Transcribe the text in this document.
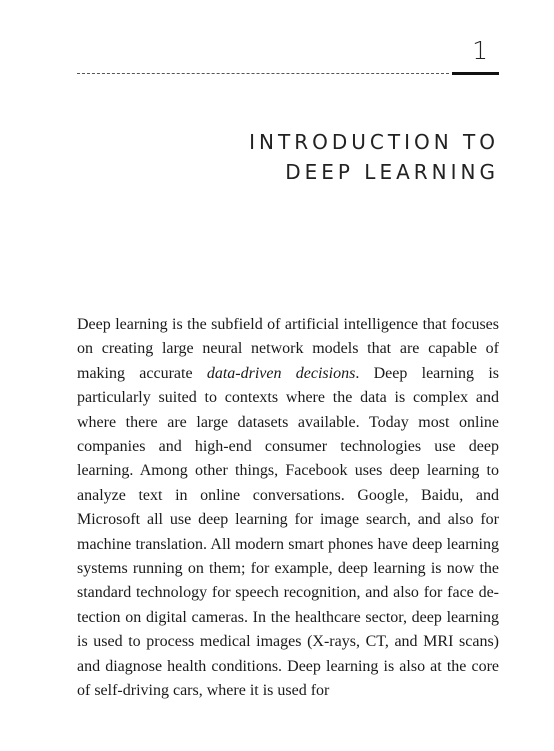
1
INTRODUCTION TO
DEEP LEARNING

Deep learning is the subfield of artificial intelligence that focuses on creating large neural network models that are capable of making accurate data-driven decisions. Deep learning is particularly suited to contexts where the data is complex and where there are large datasets available. Today most online companies and high-end consumer technologies use deep learning. Among other things, Facebook uses deep learning to analyze text in online conversations. Google, Baidu, and Microsoft all use deep learning for image search, and also for machine translation. All modern smart phones have deep learning systems running on them; for example, deep learning is now the standard technology for speech recognition, and also for face detection on digital cameras. In the healthcare sector, deep learning is used to process medical images (X-rays, CT, and MRI scans) and diagnose health conditions. Deep learning is also at the core of self-driving cars, where it is used for
